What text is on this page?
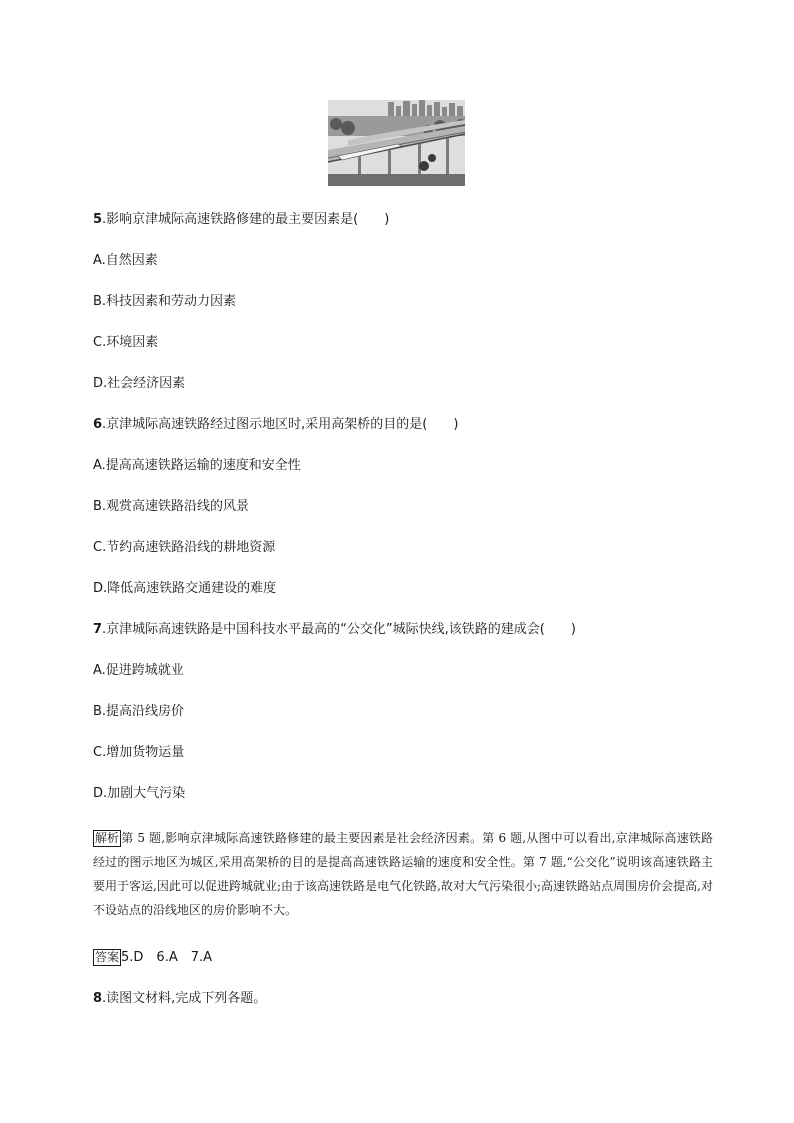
5.影响京津城际高速铁路修建的最主要因素是(　　)
A.自然因素
B.科技因素和劳动力因素
C.环境因素
D.社会经济因素
6.京津城际高速铁路经过图示地区时,采用高架桥的目的是(　　)
A.提高高速铁路运输的速度和安全性
B.观赏高速铁路沿线的风景
C.节约高速铁路沿线的耕地资源
D.降低高速铁路交通建设的难度
7.京津城际高速铁路是中国科技水平最高的“公交化”城际快线,该铁路的建成会(　　)
A.促进跨城就业
B.提高沿线房价
C.增加货物运量
D.加剧大气污染
解析 第 5 题,影响京津城际高速铁路修建的最主要因素是社会经济因素。第 6 题,从图中可以看出,京津城际高速铁路经过的图示地区为城区,采用高架桥的目的是提高高速铁路运输的速度和安全性。第 7 题,“公交化”说明该高速铁路主要用于客运,因此可以促进跨城就业;由于该高速铁路是电气化铁路,故对大气污染很小;高速铁路站点周围房价会提高,对不设站点的沿线地区的房价影响不大。
答案 5.D　6.A　7.A
8.读图文材料,完成下列各题。
